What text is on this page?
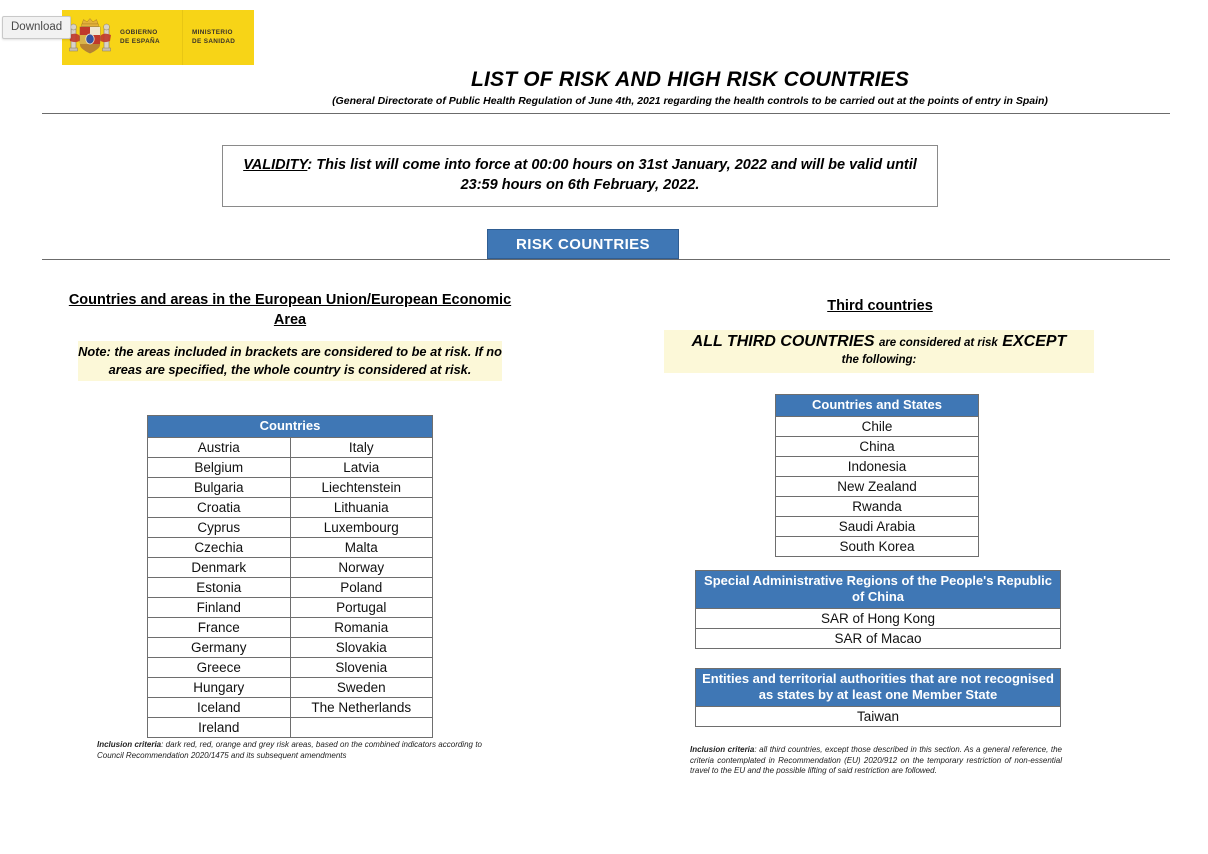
Download	GOBIERNO
DE ESPAÑA
MINISTERIO
DE SANIDAD
LIST OF RISK AND HIGH RISK COUNTRIES
(General Directorate of Public Health Regulation of June 4th, 2021 regarding the health controls to be carried out at the points of entry in Spain)
VALIDITY: This list will come into force at 00:00 hours on 31st January, 2022 and will be valid until 23:59 hours on 6th February, 2022.
RISK COUNTRIES
Countries and areas in the European Union/European Economic Area
Note: the areas included in brackets are considered to be at risk. If no areas are specified, the whole country is considered at risk.
Countries	
Austria	Italy
Belgium	Latvia
Bulgaria	Liechtenstein
Croatia	Lithuania
Cyprus	Luxembourg
Czechia	Malta
Denmark	Norway
Estonia	Poland
Finland	Portugal
France	Romania
Germany	Slovakia
Greece	Slovenia
Hungary	Sweden
Iceland	The Netherlands
Ireland	
Inclusion criteria: dark red, red, orange and grey risk areas, based on the combined indicators according to Council Recommendation 2020/1475 and its subsequent amendments
Third countries
ALL THIRD COUNTRIES are considered at risk EXCEPT
the following:
Countries and States
Chile
China
Indonesia
New Zealand
Rwanda
Saudi Arabia
South Korea
Special Administrative Regions of the People's Republic of China
SAR of Hong Kong
SAR of Macao
Entities and territorial authorities that are not recognised as states by at least one Member State
Taiwan
Inclusion criteria: all third countries, except those described in this section. As a general reference, the criteria contemplated in Recommendation (EU) 2020/912 on the temporary restriction of non-essential travel to the EU and the possible lifting of said restriction are followed.
